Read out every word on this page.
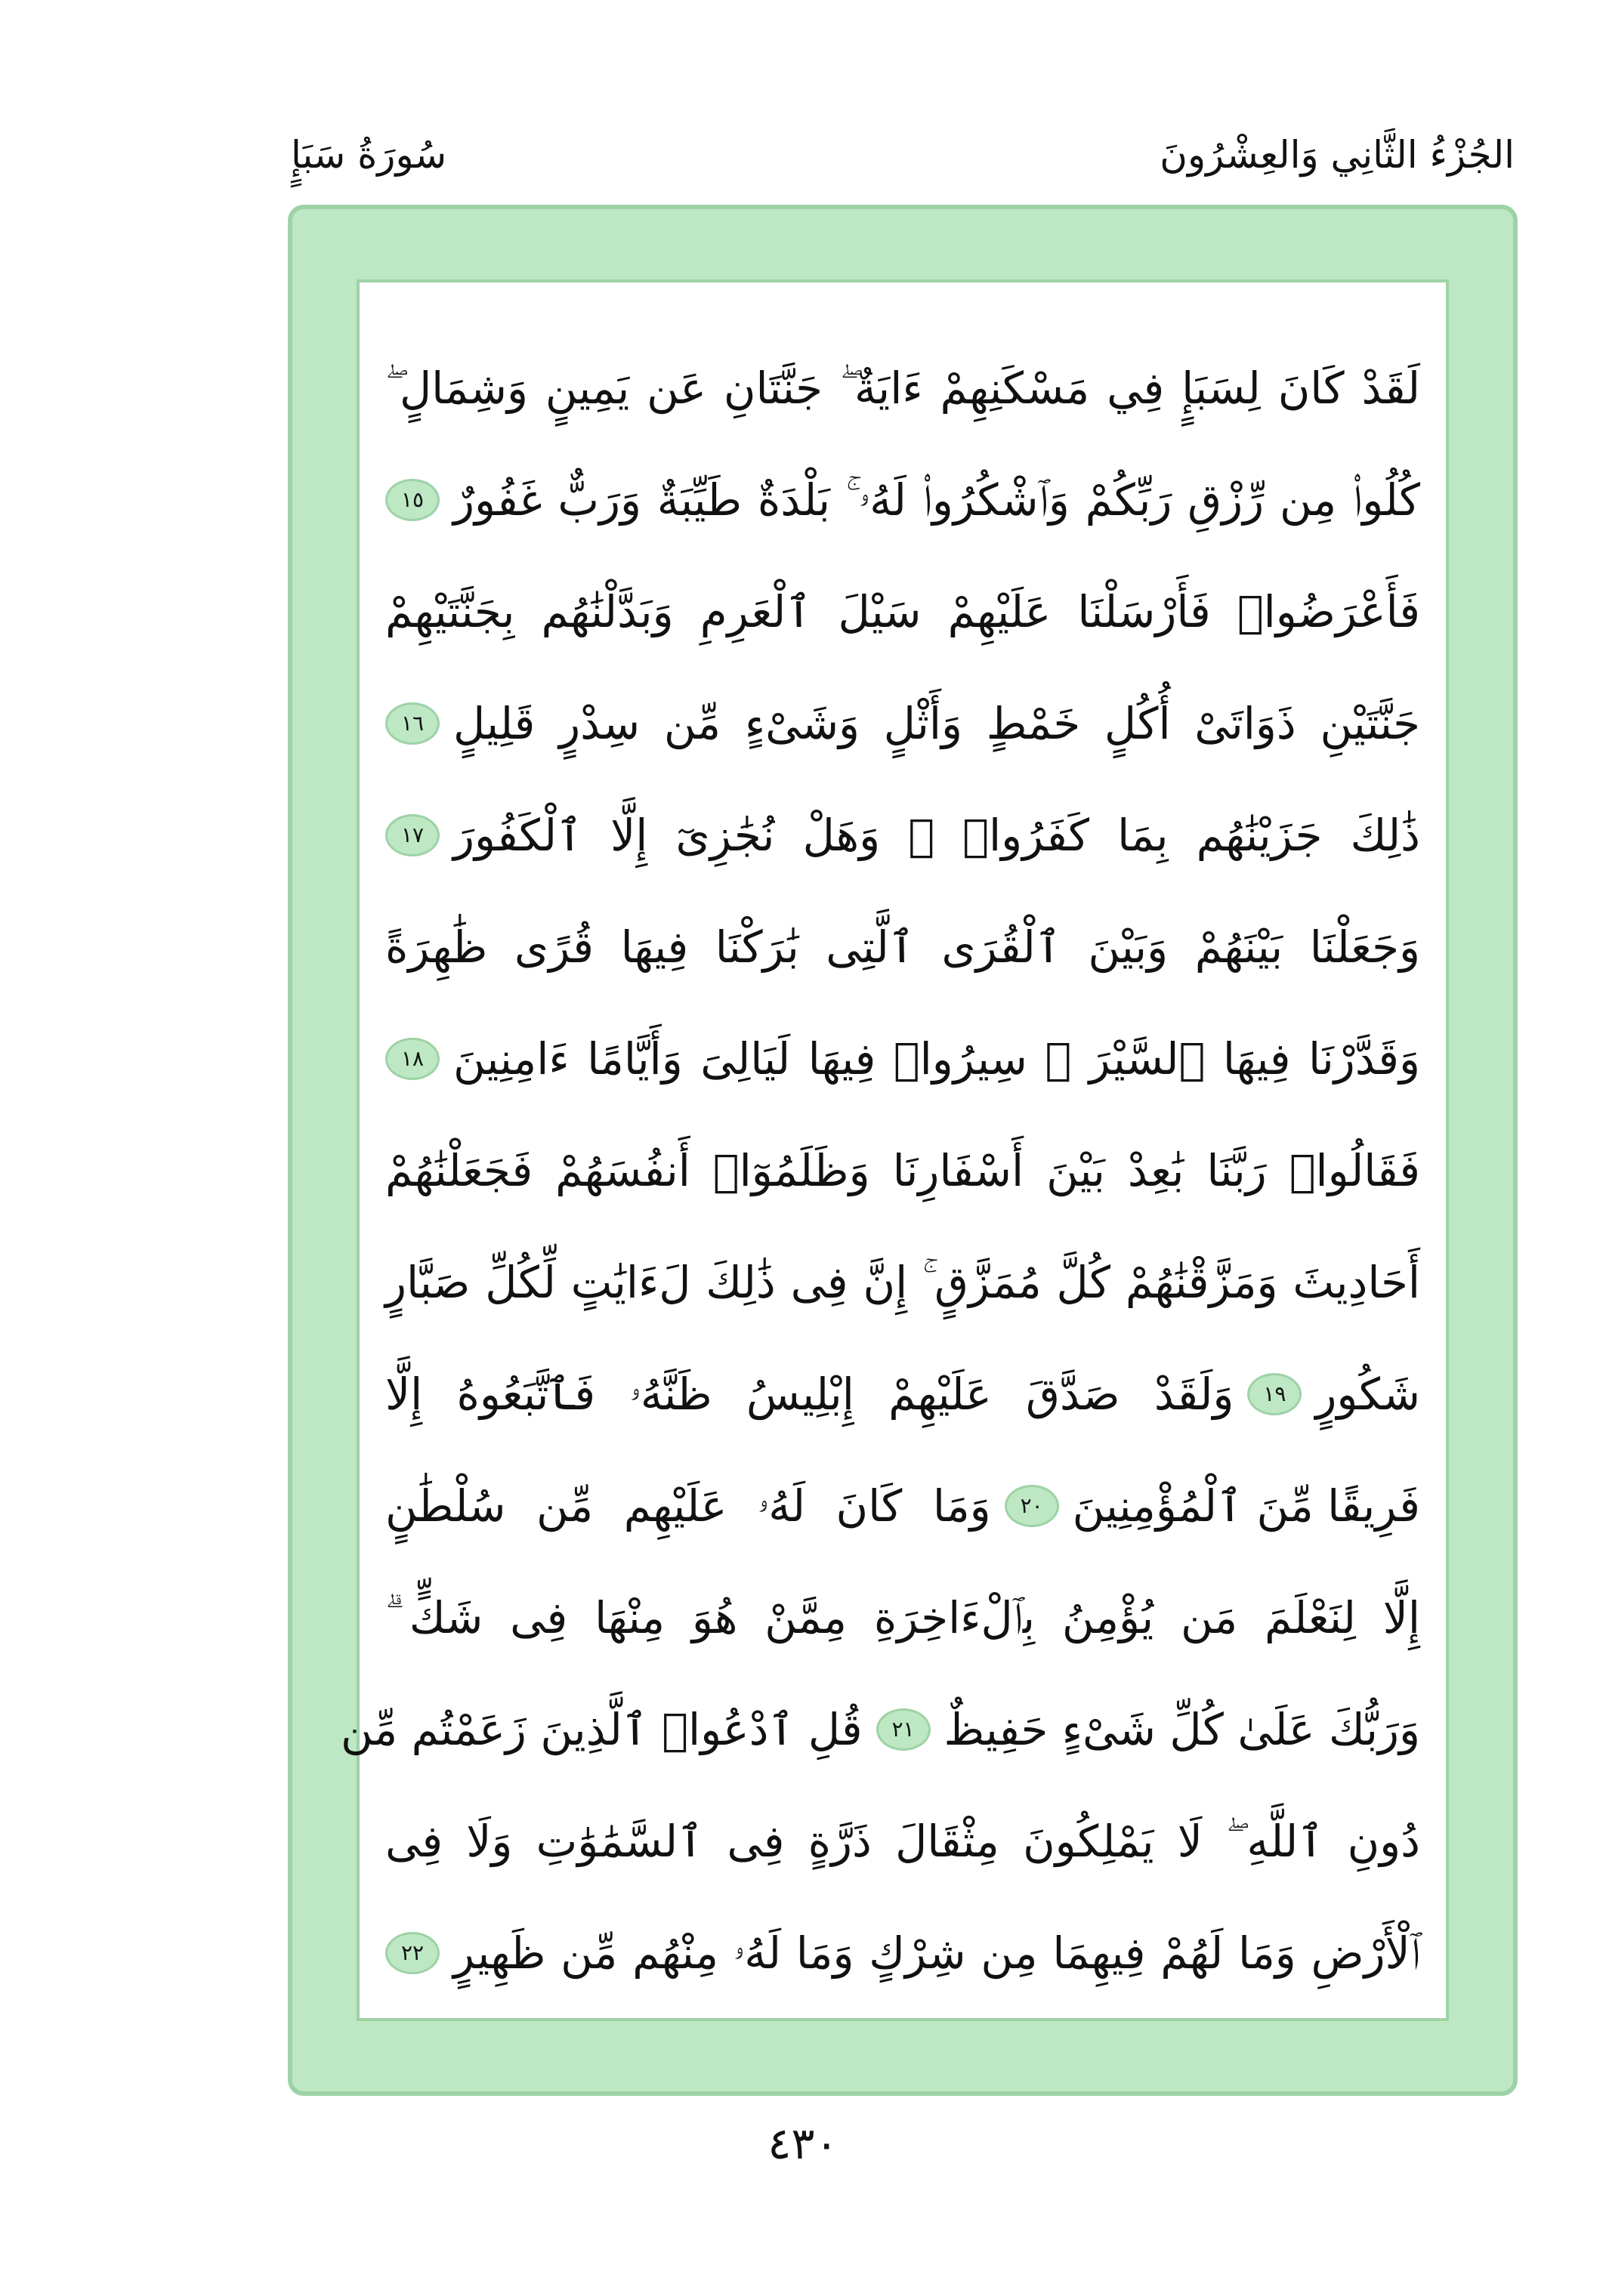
الجُزْءُ الثَّانِي وَالعِشْرُونَ
سُورَةُ سَبَإٍ
لَقَدْ كَانَ لِسَبَإٍ فِي مَسْكَنِهِمْ ءَايَةٌ ۖ جَنَّتَانِ عَن يَمِينٍ وَشِمَالٍ ۖ
كُلُوا۟ مِن رِّزْقِ رَبِّكُمْ وَٱشْكُرُوا۟ لَهُۥ ۚ بَلْدَةٌ طَيِّبَةٌ وَرَبٌّ غَفُورٌ
١٥
فَأَعْرَضُوا۟ فَأَرْسَلْنَا عَلَيْهِمْ سَيْلَ ٱلْعَرِمِ وَبَدَّلْنَٰهُم بِجَنَّتَيْهِمْ
جَنَّتَيْنِ ذَوَاتَىْ أُكُلٍ خَمْطٍ وَأَثْلٍ وَشَىْءٍ مِّن سِدْرٍ قَلِيلٍ
١٦
ذَٰلِكَ جَزَيْنَٰهُم بِمَا كَفَرُوا۟ ۖ وَهَلْ نُجَٰزِىٓ إِلَّا ٱلْكَفُورَ
١٧
وَجَعَلْنَا بَيْنَهُمْ وَبَيْنَ ٱلْقُرَى ٱلَّتِى بَٰرَكْنَا فِيهَا قُرًى ظَٰهِرَةً
وَقَدَّرْنَا فِيهَا ٱلسَّيْرَ ۖ سِيرُوا۟ فِيهَا لَيَالِىَ وَأَيَّامًا ءَامِنِينَ
١٨
فَقَالُوا۟ رَبَّنَا بَٰعِدْ بَيْنَ أَسْفَارِنَا وَظَلَمُوٓا۟ أَنفُسَهُمْ فَجَعَلْنَٰهُمْ
أَحَادِيثَ وَمَزَّقْنَٰهُمْ كُلَّ مُمَزَّقٍ ۚ إِنَّ فِى ذَٰلِكَ لَءَايَٰتٍ لِّكُلِّ صَبَّارٍ
شَكُورٍ
١٩
وَلَقَدْ صَدَّقَ عَلَيْهِمْ إِبْلِيسُ ظَنَّهُۥ فَٱتَّبَعُوهُ إِلَّا
فَرِيقًا مِّنَ ٱلْمُؤْمِنِينَ
٢٠
وَمَا كَانَ لَهُۥ عَلَيْهِم مِّن سُلْطَٰنٍ
إِلَّا لِنَعْلَمَ مَن يُؤْمِنُ بِٱلْءَاخِرَةِ مِمَّنْ هُوَ مِنْهَا فِى شَكٍّ ۗ
وَرَبُّكَ عَلَىٰ كُلِّ شَىْءٍ حَفِيظٌ
٢١
قُلِ ٱدْعُوا۟ ٱلَّذِينَ زَعَمْتُم مِّن
دُونِ ٱللَّهِ ۖ لَا يَمْلِكُونَ مِثْقَالَ ذَرَّةٍ فِى ٱلسَّمَٰوَٰتِ وَلَا فِى
ٱلْأَرْضِ وَمَا لَهُمْ فِيهِمَا مِن شِرْكٍ وَمَا لَهُۥ مِنْهُم مِّن ظَهِيرٍ
٢٢
٤٣٠
